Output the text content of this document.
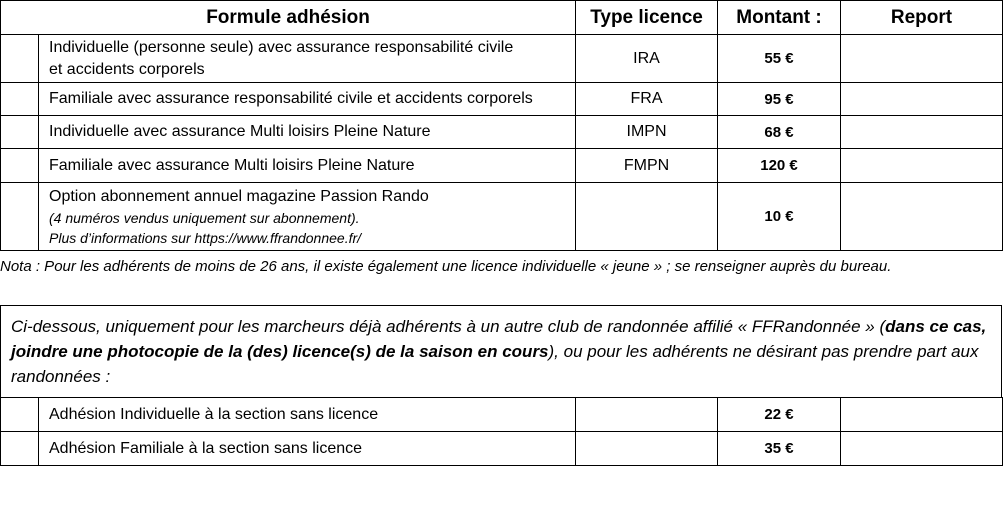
Formule adhésion		Type licence	Montant :	Report
	Individuelle (personne seule) avec assurance responsabilité civile
et accidents corporels	IRA	55 €	
	Familiale avec assurance responsabilité civile et accidents corporels	FRA	95 €	
	Individuelle avec assurance Multi loisirs Pleine Nature	IMPN	68 €	
	Familiale avec assurance Multi loisirs Pleine Nature	FMPN	120 €	
	Option abonnement annuel magazine Passion Rando
(4 numéros vendus uniquement sur abonnement).
Plus d’informations sur https://www.ffrandonnee.fr/		10 €	
Nota : Pour les adhérents de moins de 26 ans, il existe également une licence individuelle « jeune » ; se renseigner auprès du bureau.
Ci-dessous, uniquement pour les marcheurs déjà adhérents à un autre club de randonnée affilié « FFRandonnée » (dans ce cas, joindre une photocopie de la (des) licence(s) de la saison en cours), ou pour les adhérents ne désirant pas prendre part aux randonnées :
	Adhésion Individuelle à la section sans licence		22 €	
	Adhésion Familiale à la section sans licence		35 €	
